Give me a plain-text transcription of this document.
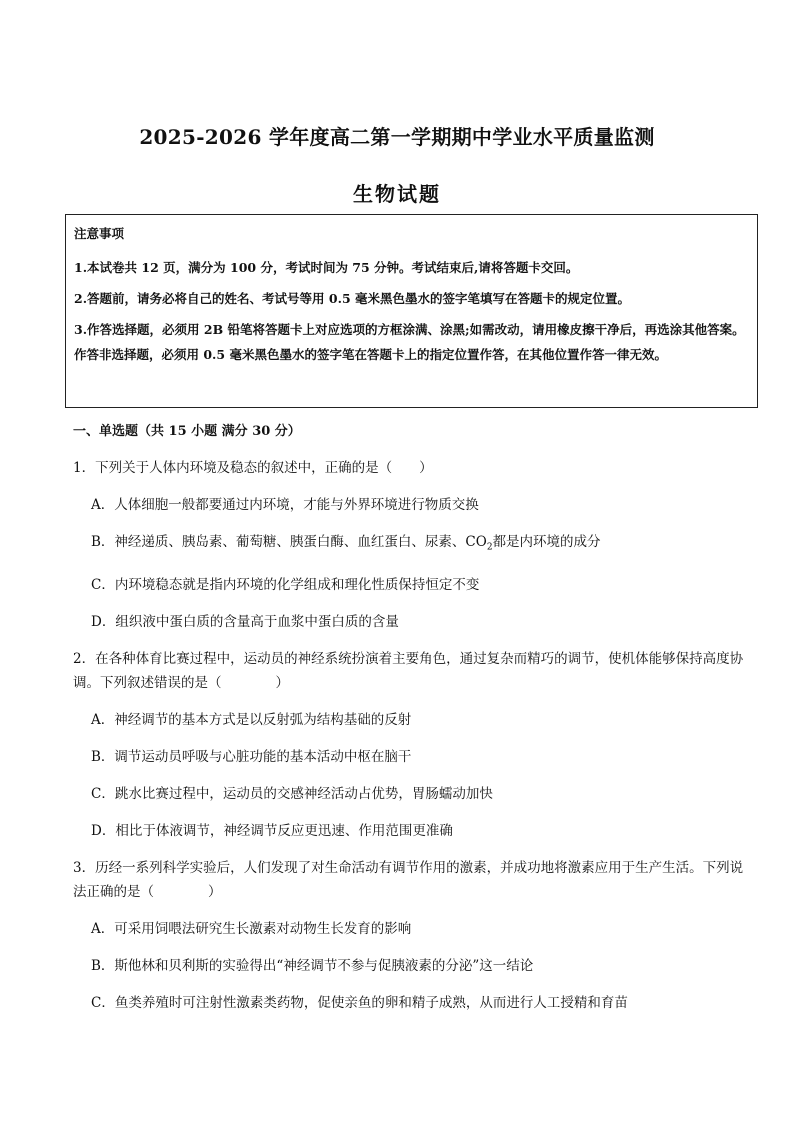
2025-2026 学年度高二第一学期期中学业水平质量监测
生物试题
注意事项
1.本试卷共 12 页，满分为 100 分，考试时间为 75 分钟。考试结束后,请将答题卡交回。
2.答题前，请务必将自己的姓名、考试号等用 0.5 毫米黑色墨水的签字笔填写在答题卡的规定位置。
3.作答选择题，必须用 2B 铅笔将答题卡上对应选项的方框涂满、涂黑;如需改动，请用橡皮擦干净后，再选涂其他答案。作答非选择题，必须用 0.5 毫米黑色墨水的签字笔在答题卡上的指定位置作答，在其他位置作答一律无效。
一、单选题（共 15 小题 满分 30 分）
1．下列关于人体内环境及稳态的叙述中，正确的是（　　）
A．人体细胞一般都要通过内环境，才能与外界环境进行物质交换
B．神经递质、胰岛素、葡萄糖、胰蛋白酶、血红蛋白、尿素、$CO_2$都是内环境的成分
C．内环境稳态就是指内环境的化学组成和理化性质保持恒定不变
D．组织液中蛋白质的含量高于血浆中蛋白质的含量
2．在各种体育比赛过程中，运动员的神经系统扮演着主要角色，通过复杂而精巧的调节，使机体能够保持高度协调。下列叙述错误的是（　　　　）
A．神经调节的基本方式是以反射弧为结构基础的反射
B．调节运动员呼吸与心脏功能的基本活动中枢在脑干
C．跳水比赛过程中，运动员的交感神经活动占优势，胃肠蠕动加快
D．相比于体液调节，神经调节反应更迅速、作用范围更准确
3．历经一系列科学实验后，人们发现了对生命活动有调节作用的激素，并成功地将激素应用于生产生活。下列说法正确的是（　　　　）
A．可采用饲喂法研究生长激素对动物生长发育的影响
B．斯他林和贝利斯的实验得出“神经调节不参与促胰液素的分泌”这一结论
C．鱼类养殖时可注射性激素类药物，促使亲鱼的卵和精子成熟，从而进行人工授精和育苗
